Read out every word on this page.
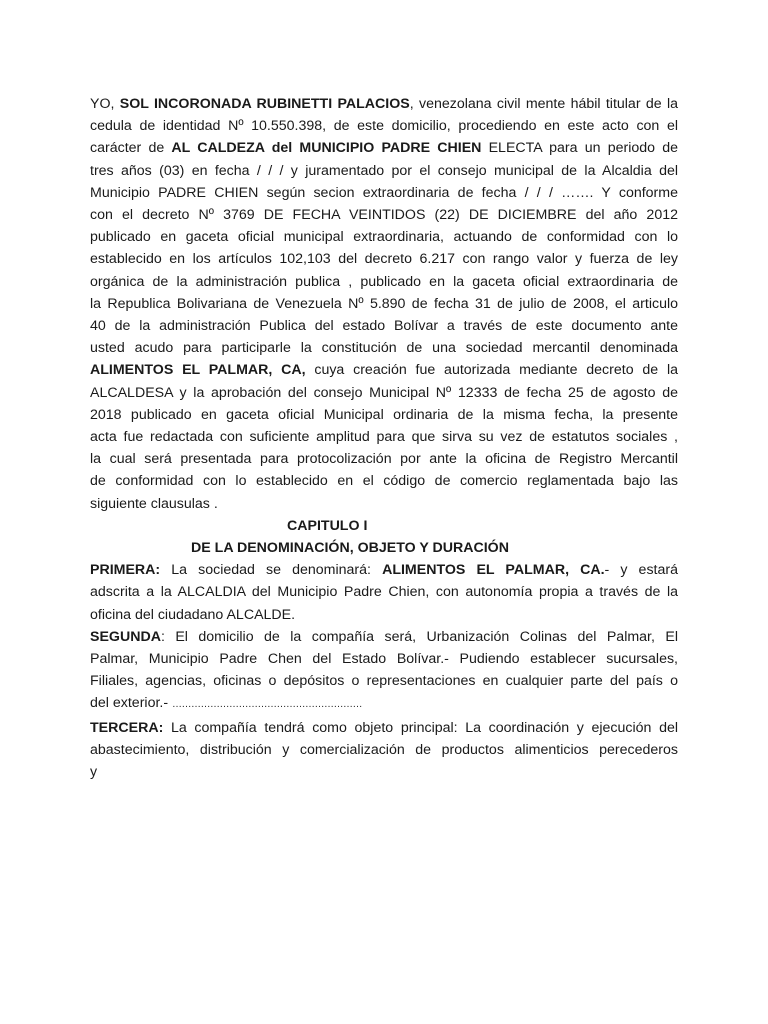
YO, SOL INCORONADA RUBINETTI PALACIOS, venezolana civil mente hábil titular de la
cedula de identidad Nº 10.550.398, de este domicilio, procediendo en este acto con el
carácter de AL CALDEZA del MUNICIPIO PADRE CHIEN ELECTA para un periodo de
tres años (03) en fecha / / / y juramentado por el consejo municipal de la Alcaldia del
Municipio PADRE CHIEN según secion extraordinaria de fecha / / / ……. Y conforme
con el decreto Nº 3769 DE FECHA VEINTIDOS (22) DE DICIEMBRE del año 2012
publicado en gaceta oficial municipal extraordinaria, actuando de conformidad con lo
establecido en los artículos 102,103 del decreto 6.217 con rango valor y fuerza de ley
orgánica de la administración publica , publicado en la gaceta oficial extraordinaria de
la Republica Bolivariana de Venezuela Nº 5.890 de fecha 31 de julio de 2008, el articulo
40 de la administración Publica del estado Bolívar a través de este documento ante
usted acudo para participarle la constitución de una sociedad mercantil denominada
ALIMENTOS EL PALMAR, CA, cuya creación fue autorizada mediante decreto de la
ALCALDESA y la aprobación del consejo Municipal Nº 12333 de fecha 25 de agosto de
2018 publicado en gaceta oficial Municipal ordinaria de la misma fecha, la presente
acta fue redactada con suficiente amplitud para que sirva su vez de estatutos sociales ,
la cual será presentada para protocolización por ante la oficina de Registro Mercantil
de conformidad con lo establecido en el código de comercio reglamentada bajo las
siguiente clausulas .
CAPITULO I
DE LA DENOMINACIÓN, OBJETO Y DURACIÓN
PRIMERA: La sociedad se denominará: ALIMENTOS EL PALMAR, CA.- y estará
adscrita a la ALCALDIA del Municipio Padre Chien, con autonomía propia a través de la
oficina del ciudadano ALCALDE.
SEGUNDA: El domicilio de la compañía será, Urbanización Colinas del Palmar, El
Palmar, Municipio Padre Chen del Estado Bolívar.- Pudiendo establecer sucursales,
Filiales, agencias, oficinas o depósitos o representaciones en cualquier parte del país o
del exterior.- ……………………………………………………
TERCERA: La compañía tendrá como objeto principal: La coordinación y ejecución del
abastecimiento, distribución y comercialización de productos alimenticios perecederos
y
